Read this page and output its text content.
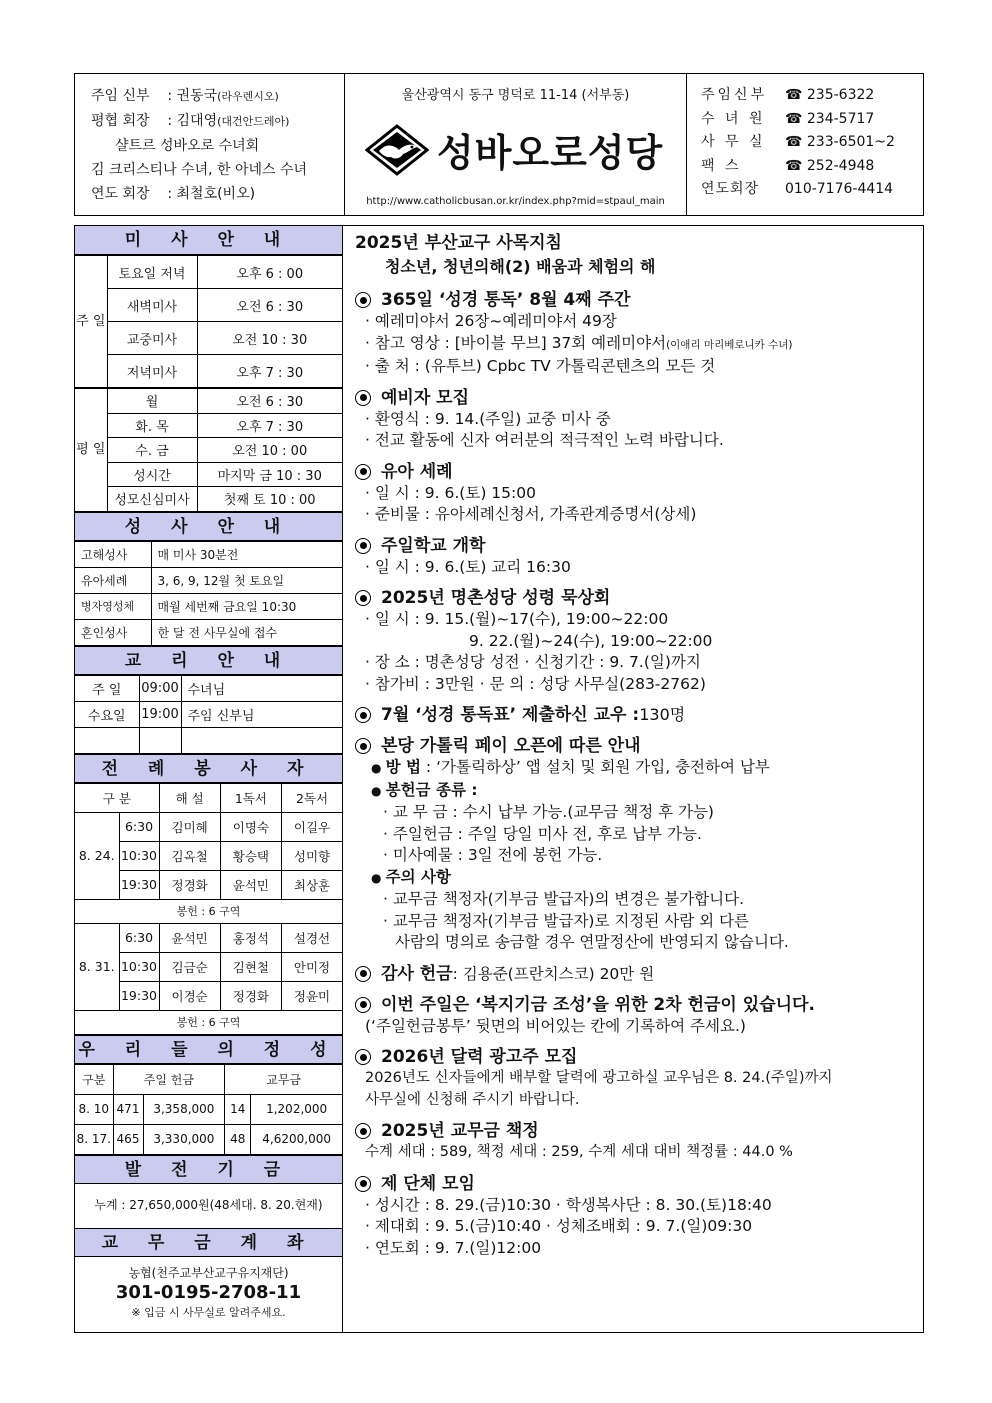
주임 신부    : 권동국(라우렌시오)
평협 회장    : 김대영(대건안드레아)
샬트르 성바오로 수녀회
김 크리스티나 수녀, 한 아네스 수녀
연도 회장    : 최철호(비오)
울산광역시 동구 명덕로 11-14 (서부동)
성바오로성당
http://www.catholicbusan.or.kr/index.php?mid=stpaul_main
주임신부	☎ 235-6322
수 녀 원	☎ 234-5717
사 무 실	☎ 233-6501~2
팩 스	☎ 252-4948
연도회장	010-7176-4414
미 사 안 내
주 일	토요일 저녁	오후 6 : 00
	새벽미사	오전 6 : 30
	교중미사	오전 10 : 30
	저녁미사	오후 7 : 30
평 일	월	오전 6 : 30
	화. 목	오후 7 : 30
	수. 금	오전 10 : 00
	성시간	마지막 금 10 : 30
	성모신심미사	첫째 토 10 : 00
성 사 안 내
고해성사	매 미사 30분전
유아세례	3, 6, 9, 12월 첫 토요일
병자영성체	매월 세번째 금요일 10:30
혼인성사	한 달 전 사무실에 접수
교 리 안 내
주 일	09:00	수녀님
수요일	19:00	주임 신부님

전 례 봉 사 자
구 분		해 설	1독서	2독서
8. 24.	6:30	김미혜	이명숙	이길우
	10:30	김옥철	황승택	성미향
	19:30	정경화	윤석민	최상훈
봉헌 : 6 구역				
8. 31.	6:30	윤석민	홍정석	설경선
	10:30	김금순	김현철	안미정
	19:30	이경순	정경화	정윤미
봉헌 : 6 구역				
우 리 들 의 정 성
구분	주일 헌금		교무금	
8. 10	471	3,358,000	14	1,202,000
8. 17.	465	3,330,000	48	4,6200,000
발 전 기 금
누계 : 27,650,000원(48세대. 8. 20.현재)
교 무 금 계 좌
농협(천주교부산교구유지재단)
301-0195-2708-11
※ 입금 시 사무실로 알려주세요.
2025년 부산교구 사목지침
청소년, 청년의해(2) 배움과 체험의 해
365일 ‘성경 통독’ 8월 4째 주간
· 예레미야서 26장~예레미야서 49장
· 참고 영상 : [바이블 무브] 37회 예레미야서(이애리 마리베로니카 수녀)
· 출 처 : (유투브) Cpbc TV 가톨릭콘텐츠의 모든 것
예비자 모집
· 환영식 : 9. 14.(주일) 교중 미사 중
· 전교 활동에 신자 여러분의 적극적인 노력 바랍니다.
유아 세례
· 일 시 : 9. 6.(토) 15:00
· 준비물 : 유아세례신청서, 가족관계증명서(상세)
주일학교 개학
· 일 시 : 9. 6.(토) 교리 16:30
2025년 명촌성당 성령 묵상회
· 일 시 : 9. 15.(월)~17(수), 19:00~22:00
9. 22.(월)~24(수), 19:00~22:00
· 장 소 : 명촌성당 성전 · 신청기간 : 9. 7.(일)까지
· 참가비 : 3만원 · 문 의 : 성당 사무실(283-2762)
7월 ‘성경 통독표’ 제출하신 교우 : 130명
본당 가톨릭 페이 오픈에 따른 안내
● 방 법 : ‘가톨릭하상’ 앱 설치 및 회원 가입, 충전하여 납부
● 봉헌금 종류 :
· 교 무 금 : 수시 납부 가능.(교무금 책정 후 가능)
· 주일헌금 : 주일 당일 미사 전, 후로 납부 가능.
· 미사예물 : 3일 전에 봉헌 가능.
● 주의 사항
· 교무금 책정자(기부금 발급자)의 변경은 불가합니다.
· 교무금 책정자(기부금 발급자)로 지정된 사람 외 다른
사람의 명의로 송금할 경우 연말정산에 반영되지 않습니다.
감사 헌금 : 김용준(프란치스코) 20만 원
이번 주일은 ‘복지기금 조성’을 위한 2차 헌금이 있습니다.
(‘주일헌금봉투’ 뒷면의 비어있는 칸에 기록하여 주세요.)
2026년 달력 광고주 모집
2026년도 신자들에게 배부할 달력에 광고하실 교우님은 8. 24.(주일)까지
사무실에 신청해 주시기 바랍니다.
2025년 교무금 책정
수계 세대 : 589, 책정 세대 : 259, 수계 세대 대비 책정률 : 44.0 %
제 단체 모임
· 성시간 : 8. 29.(금)10:30 · 학생복사단 : 8. 30.(토)18:40
· 제대회 : 9. 5.(금)10:40 · 성체조배회 : 9. 7.(일)09:30
· 연도회 : 9. 7.(일)12:00
